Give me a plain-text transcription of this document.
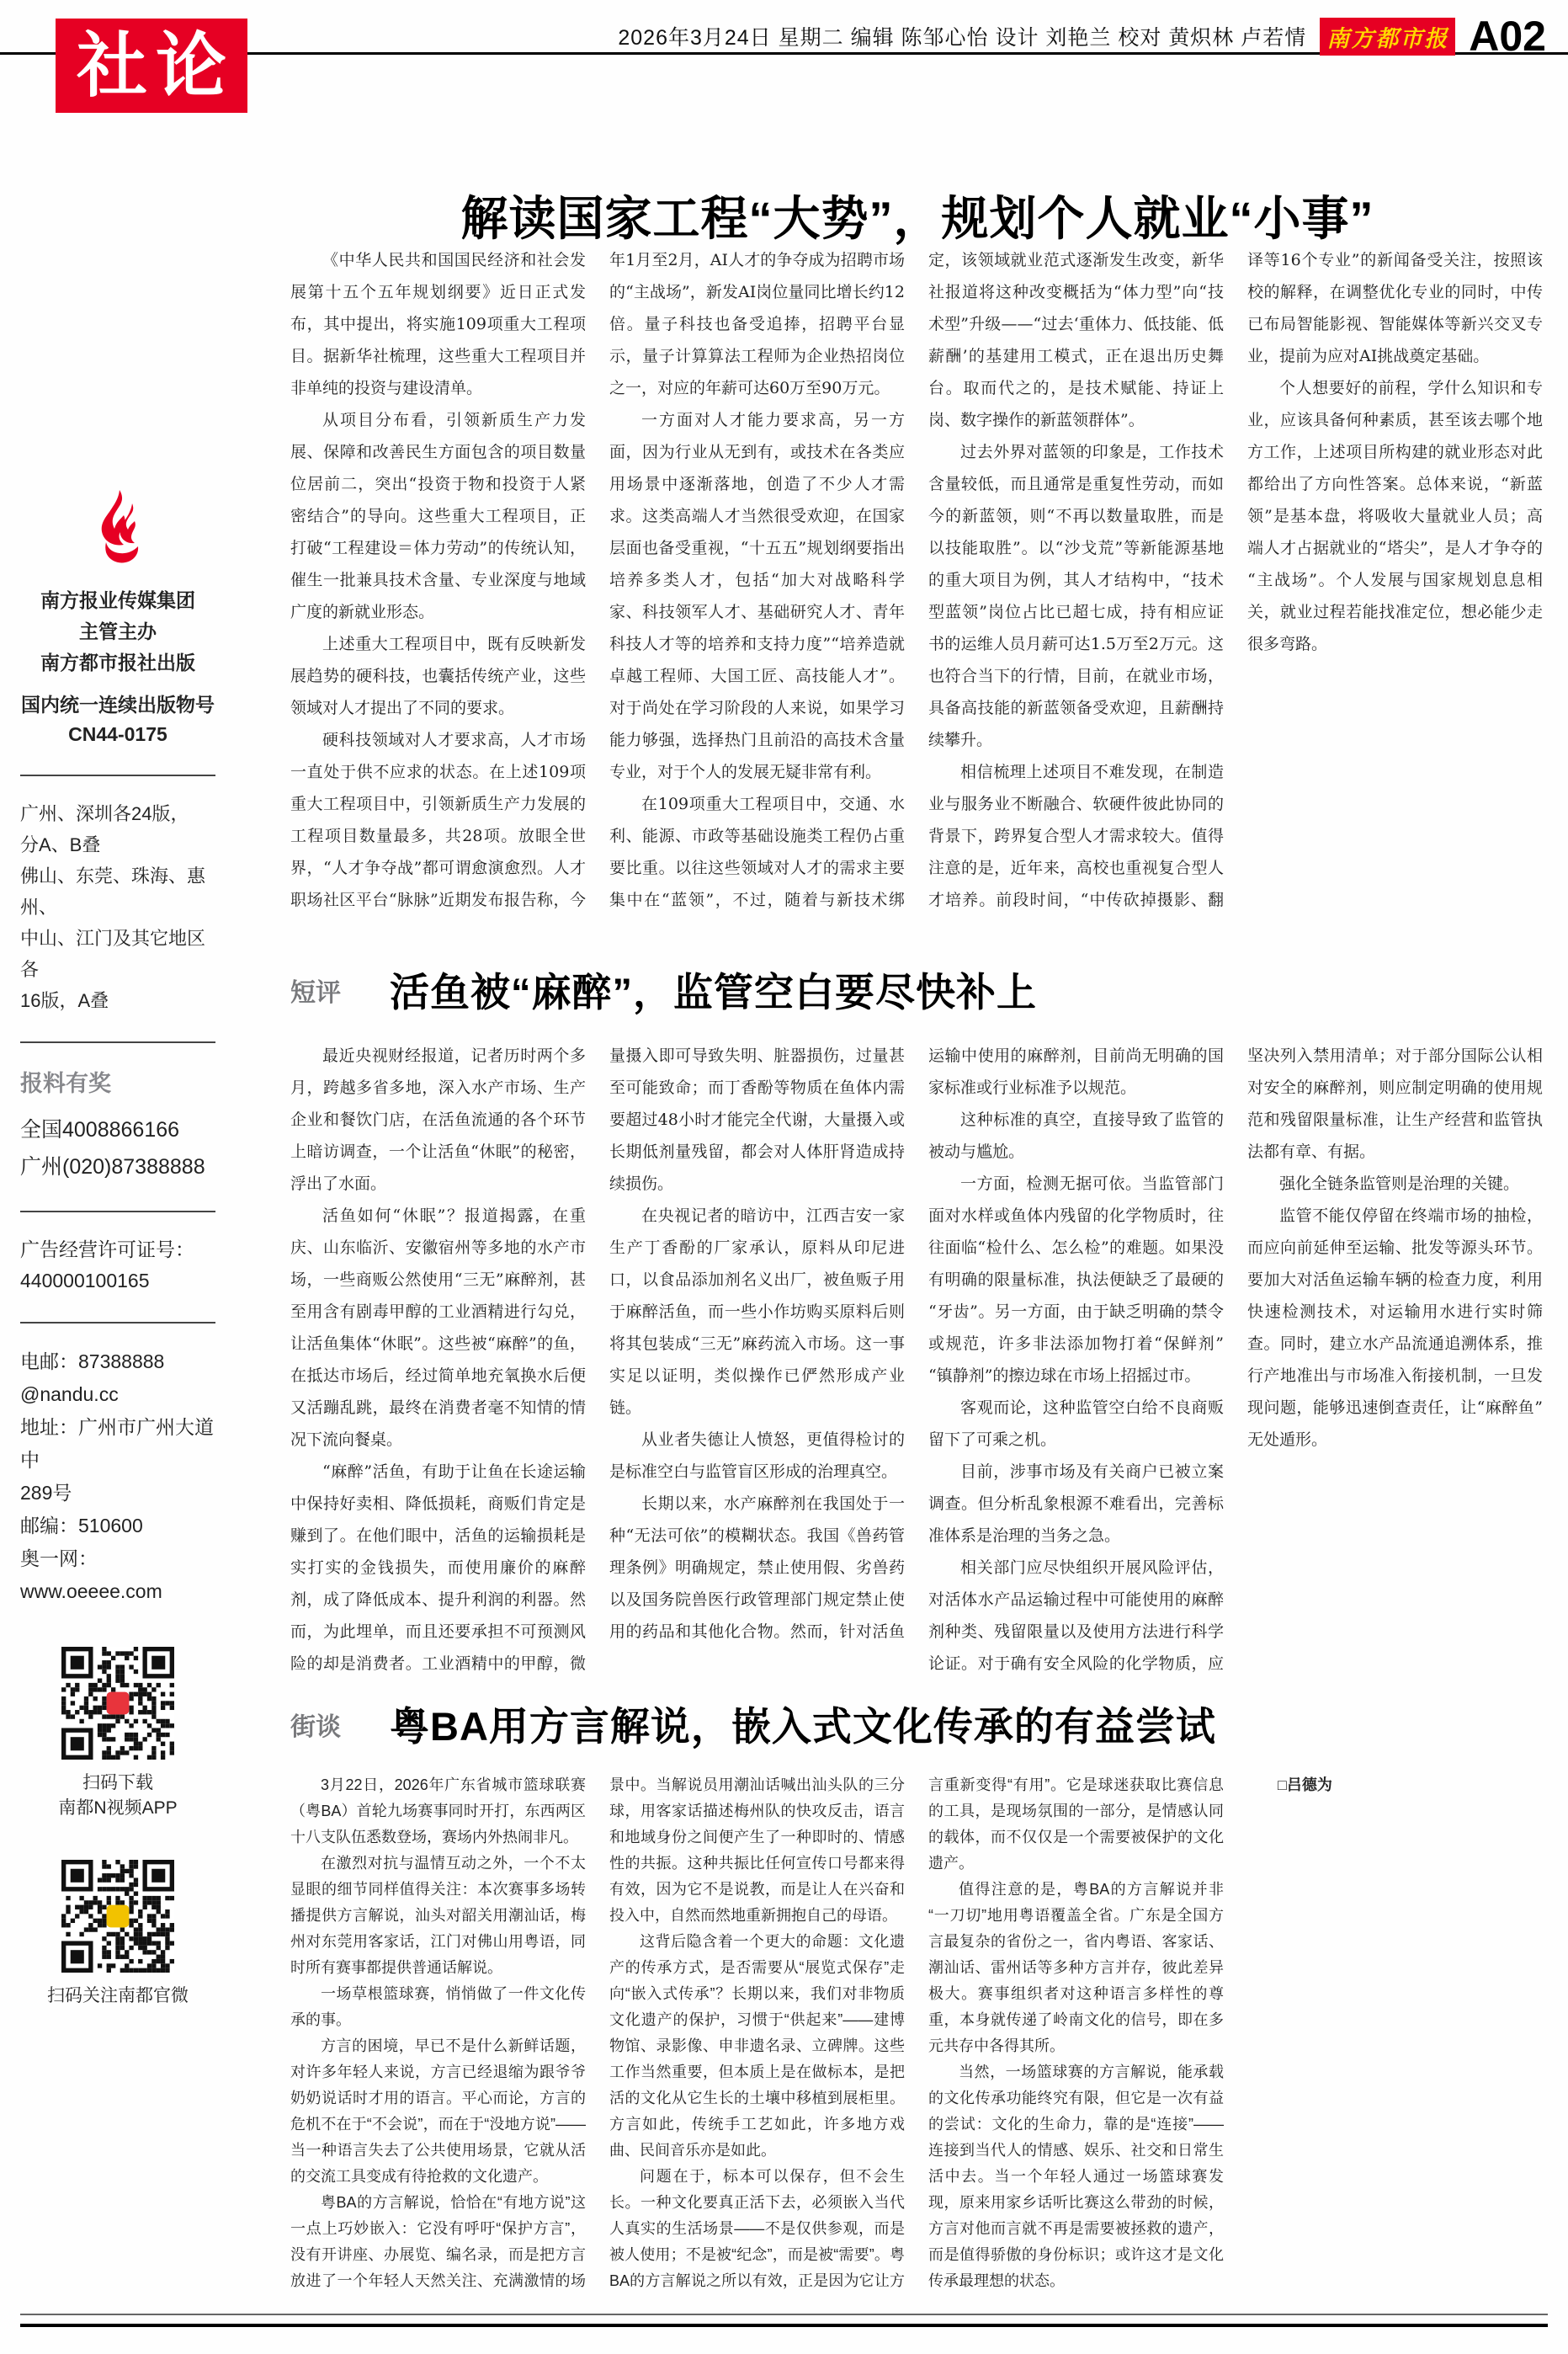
社论	2026年3月24日 星期二 编辑 陈邹心怡 设计 刘艳兰 校对 黄炽林 卢若情 南方都市报 A02
南方报业传媒集团
主管主办
南方都市报社出版
国内统一连续出版物号
CN44-0175
广州、深圳各24版，
分A、B叠
佛山、东莞、珠海、惠州、
中山、江门及其它地区各
16版，A叠
报料有奖
全国4008866166
广州(020)87388888
广告经营许可证号：
440000100165
电邮：87388888
@nandu.cc
地址：广州市广州大道中
289号
邮编：510600
奥一网：
www.oeeee.com
扫码下载
南都N视频APP
扫码关注南都官微
解读国家工程“大势”，规划个人就业“小事”

《中华人民共和国国民经济和社会发展第十五个五年规划纲要》近日正式发布，其中提出，将实施109项重大工程项目。据新华社梳理，这些重大工程项目并非单纯的投资与建设清单。

从项目分布看，引领新质生产力发展、保障和改善民生方面包含的项目数量位居前二，突出“投资于物和投资于人紧密结合”的导向。这些重大工程项目，正打破“工程建设＝体力劳动”的传统认知，催生一批兼具技术含量、专业深度与地域广度的新就业形态。

上述重大工程项目中，既有反映新发展趋势的硬科技，也囊括传统产业，这些领域对人才提出了不同的要求。

硬科技领域对人才要求高，人才市场一直处于供不应求的状态。在上述109项重大工程项目中，引领新质生产力发展的工程项目数量最多，共28项。放眼全世界，“人才争夺战”都可谓愈演愈烈。人才职场社区平台“脉脉”近期发布报告称，今年1月至2月，AI人才的争夺成为招聘市场的“主战场”，新发AI岗位量同比增长约12倍。量子科技也备受追捧，招聘平台显示，量子计算算法工程师为企业热招岗位之一，对应的年薪可达60万至90万元。

一方面对人才能力要求高，另一方面，因为行业从无到有，或技术在各类应用场景中逐渐落地，创造了不少人才需求。这类高端人才当然很受欢迎，在国家层面也备受重视，“十五五”规划纲要指出培养多类人才，包括“加大对战略科学家、科技领军人才、基础研究人才、青年科技人才等的培养和支持力度”“培养造就卓越工程师、大国工匠、高技能人才”。对于尚处在学习阶段的人来说，如果学习能力够强，选择热门且前沿的高技术含量专业，对于个人的发展无疑非常有利。

在109项重大工程项目中，交通、水利、能源、市政等基础设施类工程仍占重要比重。以往这些领域对人才的需求主要集中在“蓝领”，不过，随着与新技术绑定，该领域就业范式逐渐发生改变，新华社报道将这种改变概括为“体力型”向“技术型”升级——“过去‘重体力、低技能、低薪酬’的基建用工模式，正在退出历史舞台。取而代之的，是技术赋能、持证上岗、数字操作的新蓝领群体”。

过去外界对蓝领的印象是，工作技术含量较低，而且通常是重复性劳动，而如今的新蓝领，则“不再以数量取胜，而是以技能取胜”。以“沙戈荒”等新能源基地的重大项目为例，其人才结构中，“技术型蓝领”岗位占比已超七成，持有相应证书的运维人员月薪可达1.5万至2万元。这也符合当下的行情，目前，在就业市场，具备高技能的新蓝领备受欢迎，且薪酬持续攀升。

相信梳理上述项目不难发现，在制造业与服务业不断融合、软硬件彼此协同的背景下，跨界复合型人才需求较大。值得注意的是，近年来，高校也重视复合型人才培养。前段时间，“中传砍掉摄影、翻译等16个专业”的新闻备受关注，按照该校的解释，在调整优化专业的同时，中传已布局智能影视、智能媒体等新兴交叉专业，提前为应对AI挑战奠定基础。

个人想要好的前程，学什么知识和专业，应该具备何种素质，甚至该去哪个地方工作，上述项目所构建的就业形态对此都给出了方向性答案。总体来说，“新蓝领”是基本盘，将吸收大量就业人员；高端人才占据就业的“塔尖”，是人才争夺的“主战场”。个人发展与国家规划息息相关，就业过程若能找准定位，想必能少走很多弯路。

短评 活鱼被“麻醉”，监管空白要尽快补上

最近央视财经报道，记者历时两个多月，跨越多省多地，深入水产市场、生产企业和餐饮门店，在活鱼流通的各个环节上暗访调查，一个让活鱼“休眠”的秘密，浮出了水面。

活鱼如何“休眠”？报道揭露，在重庆、山东临沂、安徽宿州等多地的水产市场，一些商贩公然使用“三无”麻醉剂，甚至用含有剧毒甲醇的工业酒精进行勾兑，让活鱼集体“休眠”。这些被“麻醉”的鱼，在抵达市场后，经过简单地充氧换水后便又活蹦乱跳，最终在消费者毫不知情的情况下流向餐桌。

“麻醉”活鱼，有助于让鱼在长途运输中保持好卖相、降低损耗，商贩们肯定是赚到了。在他们眼中，活鱼的运输损耗是实打实的金钱损失，而使用廉价的麻醉剂，成了降低成本、提升利润的利器。然而，为此埋单，而且还要承担不可预测风险的却是消费者。工业酒精中的甲醇，微量摄入即可导致失明、脏器损伤，过量甚至可能致命；而丁香酚等物质在鱼体内需要超过48小时才能完全代谢，大量摄入或长期低剂量残留，都会对人体肝肾造成持续损伤。

在央视记者的暗访中，江西吉安一家生产丁香酚的厂家承认，原料从印尼进口，以食品添加剂名义出厂，被鱼贩子用于麻醉活鱼，而一些小作坊购买原料后则将其包装成“三无”麻药流入市场。这一事实足以证明，类似操作已俨然形成产业链。

从业者失德让人愤怒，更值得检讨的是标准空白与监管盲区形成的治理真空。

长期以来，水产麻醉剂在我国处于一种“无法可依”的模糊状态。我国《兽药管理条例》明确规定，禁止使用假、劣兽药以及国务院兽医行政管理部门规定禁止使用的药品和其他化合物。然而，针对活鱼运输中使用的麻醉剂，目前尚无明确的国家标准或行业标准予以规范。

这种标准的真空，直接导致了监管的被动与尴尬。

一方面，检测无据可依。当监管部门面对水样或鱼体内残留的化学物质时，往往面临“检什么、怎么检”的难题。如果没有明确的限量标准，执法便缺乏了最硬的“牙齿”。另一方面，由于缺乏明确的禁令或规范，许多非法添加物打着“保鲜剂”“镇静剂”的擦边球在市场上招摇过市。

客观而论，这种监管空白给不良商贩留下了可乘之机。

目前，涉事市场及有关商户已被立案调查。但分析乱象根源不难看出，完善标准体系是治理的当务之急。

相关部门应尽快组织开展风险评估，对活体水产品运输过程中可能使用的麻醉剂种类、残留限量以及使用方法进行科学论证。对于确有安全风险的化学物质，应坚决列入禁用清单；对于部分国际公认相对安全的麻醉剂，则应制定明确的使用规范和残留限量标准，让生产经营和监管执法都有章、有据。

强化全链条监管则是治理的关键。

监管不能仅停留在终端市场的抽检，而应向前延伸至运输、批发等源头环节。要加大对活鱼运输车辆的检查力度，利用快速检测技术，对运输用水进行实时筛查。同时，建立水产品流通追溯体系，推行产地准出与市场准入衔接机制，一旦发现问题，能够迅速倒查责任，让“麻醉鱼”无处遁形。

街谈 粤BA用方言解说，嵌入式文化传承的有益尝试

3月22日，2026年广东省城市篮球联赛（粤BA）首轮九场赛事同时开打，东西两区十八支队伍悉数登场，赛场内外热闹非凡。

在激烈对抗与温情互动之外，一个不太显眼的细节同样值得关注：本次赛事多场转播提供方言解说，汕头对韶关用潮汕话，梅州对东莞用客家话，江门对佛山用粤语，同时所有赛事都提供普通话解说。

一场草根篮球赛，悄悄做了一件文化传承的事。

方言的困境，早已不是什么新鲜话题，对许多年轻人来说，方言已经退缩为跟爷爷奶奶说话时才用的语言。平心而论，方言的危机不在于“不会说”，而在于“没地方说”——当一种语言失去了公共使用场景，它就从活的交流工具变成有待抢救的文化遗产。

粤BA的方言解说，恰恰在“有地方说”这一点上巧妙嵌入：它没有呼吁“保护方言”，没有开讲座、办展览、编名录，而是把方言放进了一个年轻人天然关注、充满激情的场景中。当解说员用潮汕话喊出汕头队的三分球，用客家话描述梅州队的快攻反击，语言和地域身份之间便产生了一种即时的、情感性的共振。这种共振比任何宣传口号都来得有效，因为它不是说教，而是让人在兴奋和投入中，自然而然地重新拥抱自己的母语。

这背后隐含着一个更大的命题：文化遗产的传承方式，是否需要从“展览式保存”走向“嵌入式传承”？长期以来，我们对非物质文化遗产的保护，习惯于“供起来”——建博物馆、录影像、申非遗名录、立碑牌。这些工作当然重要，但本质上是在做标本，是把活的文化从它生长的土壤中移植到展柜里。方言如此，传统手工艺如此，许多地方戏曲、民间音乐亦是如此。

问题在于，标本可以保存，但不会生长。一种文化要真正活下去，必须嵌入当代人真实的生活场景——不是仅供参观，而是被人使用；不是被“纪念”，而是被“需要”。粤BA的方言解说之所以有效，正是因为它让方言重新变得“有用”。它是球迷获取比赛信息的工具，是现场氛围的一部分，是情感认同的载体，而不仅仅是一个需要被保护的文化遗产。

值得注意的是，粤BA的方言解说并非“一刀切”地用粤语覆盖全省。广东是全国方言最复杂的省份之一，省内粤语、客家话、潮汕话、雷州话等多种方言并存，彼此差异极大。赛事组织者对这种语言多样性的尊重，本身就传递了岭南文化的信号，即在多元共存中各得其所。

当然，一场篮球赛的方言解说，能承载的文化传承功能终究有限，但它是一次有益的尝试：文化的生命力，靠的是“连接”——连接到当代人的情感、娱乐、社交和日常生活中去。当一个年轻人通过一场篮球赛发现，原来用家乡话听比赛这么带劲的时候，方言对他而言就不再是需要被拯救的遗产，而是值得骄傲的身份标识；或许这才是文化传承最理想的状态。

□吕德为
